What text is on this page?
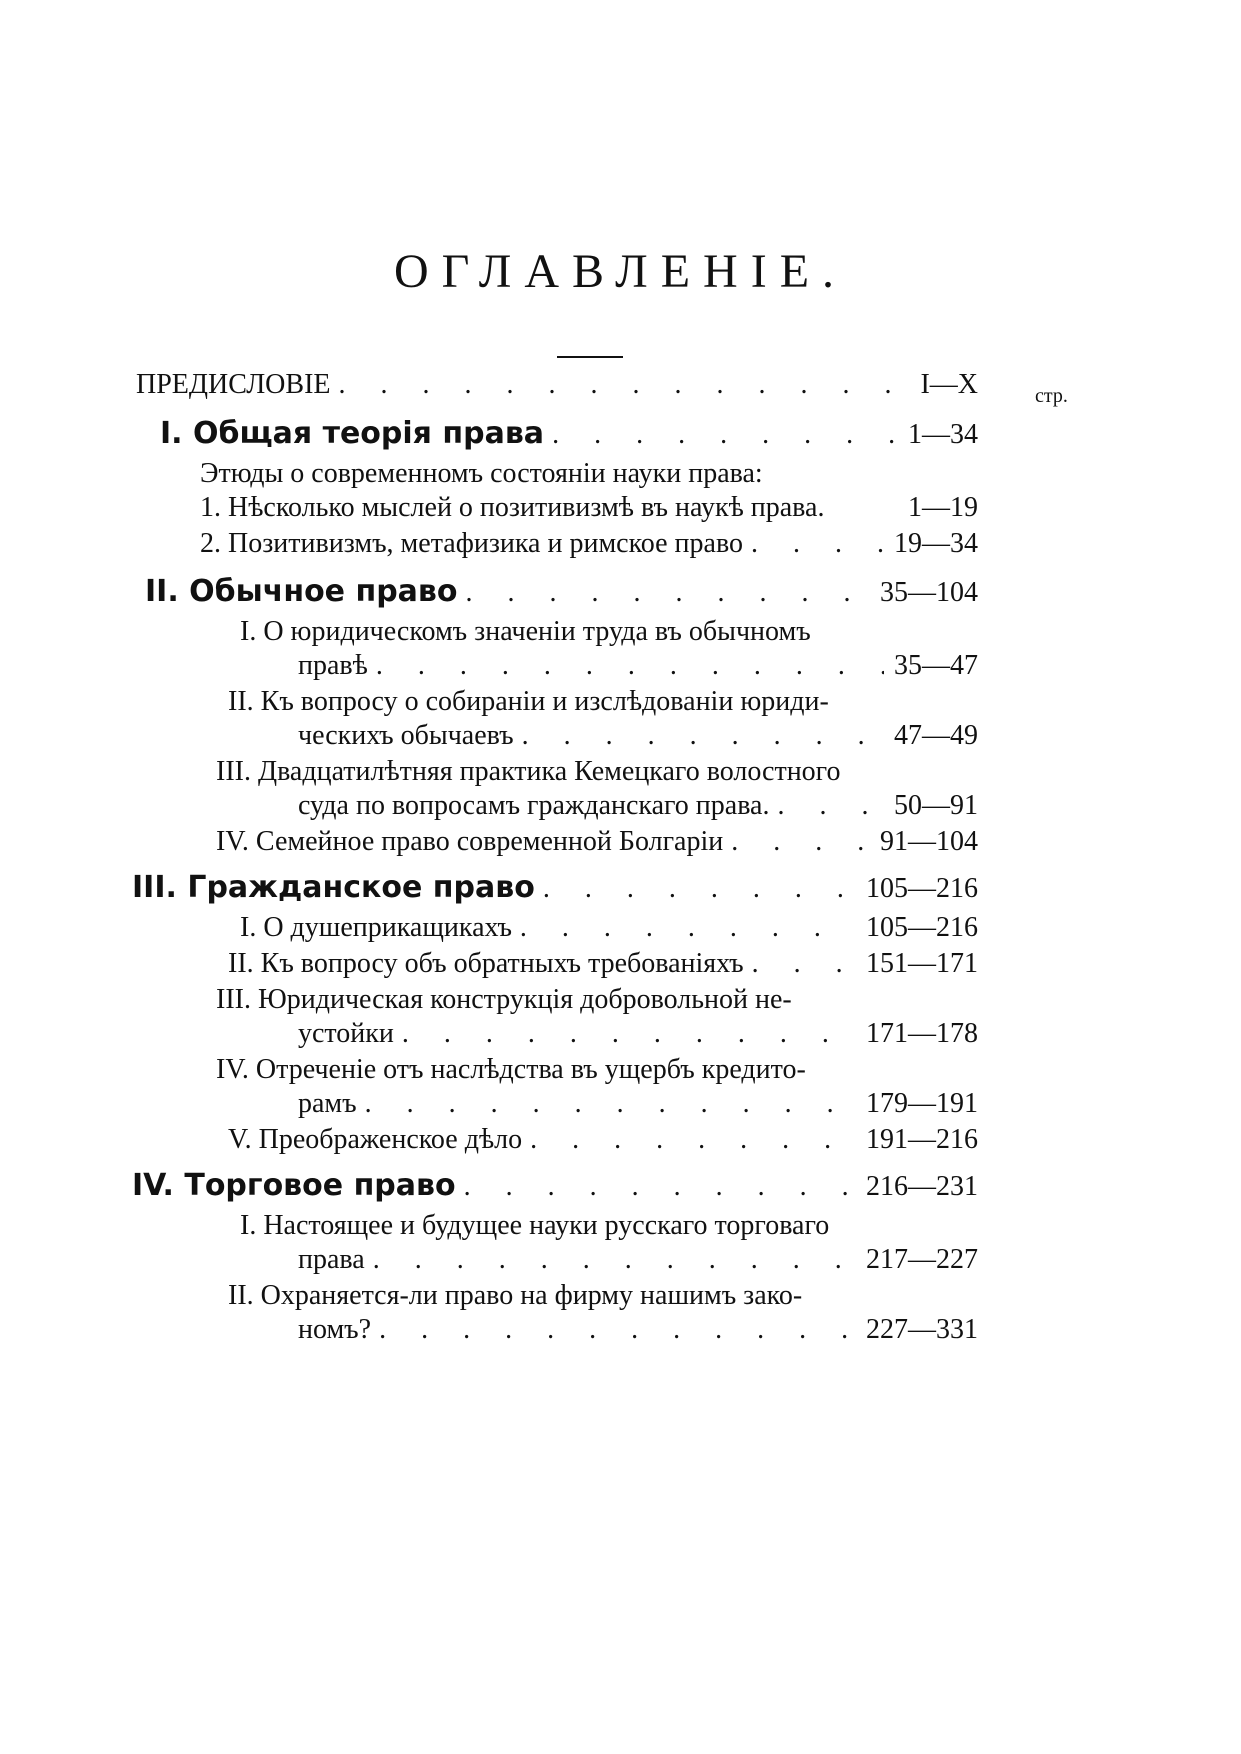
ОГЛАВЛЕНІЕ.
стр.
ПРЕДИСЛОВІЕ . . .	I—X
I. Общая теорія права . . .	1—34
Этюды о современномъ состояніи науки права:
1. Нѣсколько мыслей о позитивизмѣ въ наукѣ права.	1—19
2. Позитивизмъ, метафизика и римское право . . .	19—34
II. Обычное право . . .	35—104
I. О юридическомъ значеніи труда въ обычномъ
правѣ . . .	35—47
II. Къ вопросу о собираніи и изслѣдованіи юриди-
ческихъ обычаевъ . . .	47—49
III. Двадцатилѣтняя практика Кемецкаго волостного
суда по вопросамъ гражданскаго права. . . .	50—91
IV. Семейное право современной Болгаріи . . .	91—104
III. Гражданское право . . .	105—216
I. О душеприкащикахъ . . .	105—216
II. Къ вопросу объ обратныхъ требованіяхъ . . .	151—171
III. Юридическая конструкція добровольной не-
устойки . . .	171—178
IV. Отреченіе отъ наслѣдства въ ущербъ кредито-
рамъ . . .	179—191
V. Преображенское дѣло . . .	191—216
IV. Торговое право . . .	216—231
I. Настоящее и будущее науки русскаго торговаго
права . . .	217—227
II. Охраняется-ли право на фирму нашимъ зако-
номъ? . . .	227—331
